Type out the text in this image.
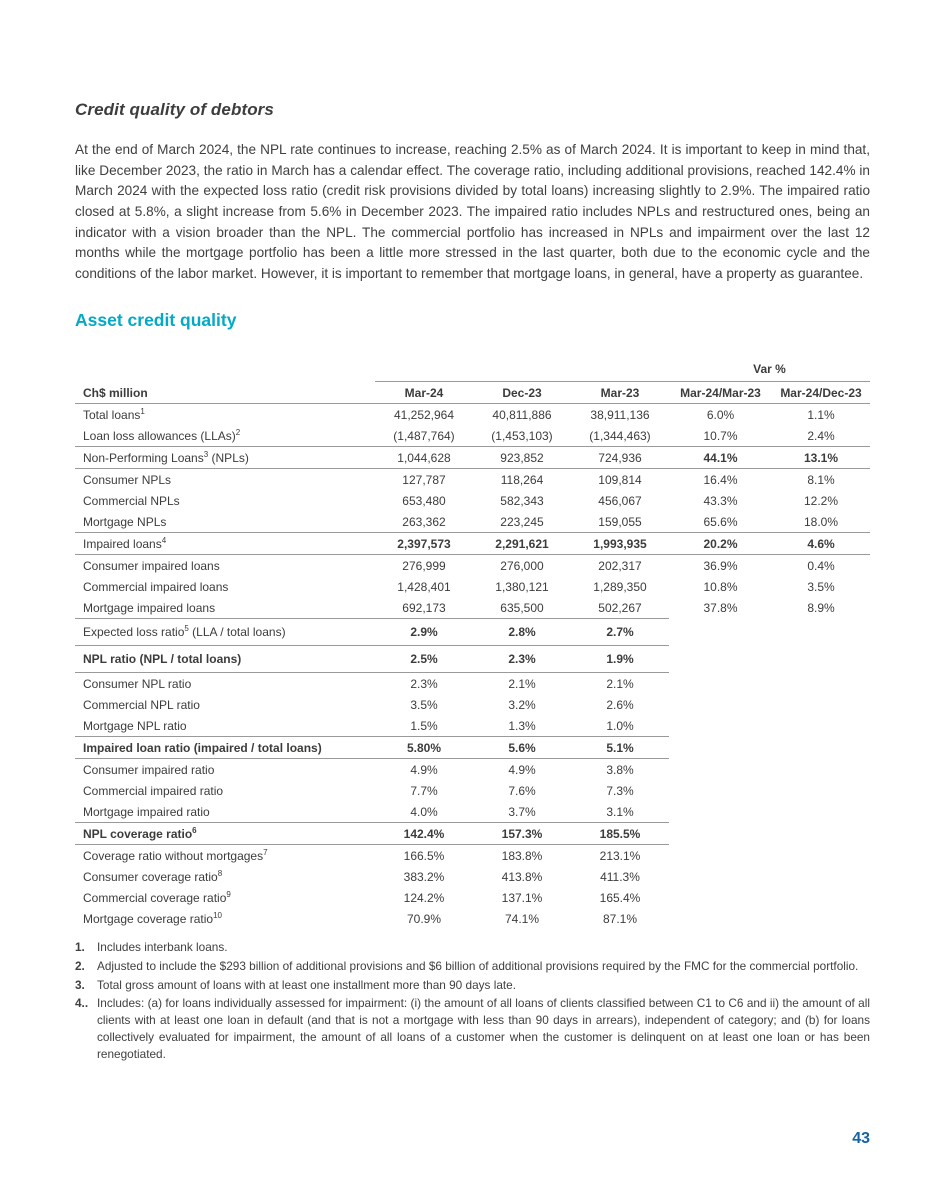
Credit quality of debtors

At the end of March 2024, the NPL rate continues to increase, reaching 2.5% as of March 2024. It is important to keep in mind that, like December 2023, the ratio in March has a calendar effect. The coverage ratio, including additional provisions, reached 142.4% in March 2024 with the expected loss ratio (credit risk provisions divided by total loans) increasing slightly to 2.9%. The impaired ratio closed at 5.8%, a slight increase from 5.6% in December 2023. The impaired ratio includes NPLs and restructured ones, being an indicator with a vision broader than the NPL. The commercial portfolio has increased in NPLs and impairment over the last 12 months while the mortgage portfolio has been a little more stressed in the last quarter, both due to the economic cycle and the conditions of the labor market. However, it is important to remember that mortgage loans, in general, have a property as guarantee.

Asset credit quality
				Var %	
Ch$ million	Mar-24	Dec-23	Mar-23	Mar-24/Mar-23	Mar-24/Dec-23
Total loans$^1$	41,252,964	40,811,886	38,911,136	6.0%	1.1%
Loan loss allowances (LLAs)$^2$	(1,487,764)	(1,453,103)	(1,344,463)	10.7%	2.4%
Non-Performing Loans$^3$ (NPLs)	1,044,628	923,852	724,936	44.1%	13.1%
Consumer NPLs	127,787	118,264	109,814	16.4%	8.1%
Commercial NPLs	653,480	582,343	456,067	43.3%	12.2%
Mortgage NPLs	263,362	223,245	159,055	65.6%	18.0%
Impaired loans$^4$	2,397,573	2,291,621	1,993,935	20.2%	4.6%
Consumer impaired loans	276,999	276,000	202,317	36.9%	0.4%
Commercial impaired loans	1,428,401	1,380,121	1,289,350	10.8%	3.5%
Mortgage impaired loans	692,173	635,500	502,267	37.8%	8.9%
Expected loss ratio$^5$ (LLA / total loans)	2.9%	2.8%	2.7%		
NPL ratio (NPL / total loans)	2.5%	2.3%	1.9%		
Consumer NPL ratio	2.3%	2.1%	2.1%		
Commercial NPL ratio	3.5%	3.2%	2.6%		
Mortgage NPL ratio	1.5%	1.3%	1.0%		
Impaired loan ratio (impaired / total loans)	5.80%	5.6%	5.1%		
Consumer impaired ratio	4.9%	4.9%	3.8%		
Commercial impaired ratio	7.7%	7.6%	7.3%		
Mortgage impaired ratio	4.0%	3.7%	3.1%		
NPL coverage ratio$^6$	142.4%	157.3%	185.5%		
Coverage ratio without mortgages$^7$	166.5%	183.8%	213.1%		
Consumer coverage ratio$^8$	383.2%	413.8%	411.3%		
Commercial coverage ratio$^9$	124.2%	137.1%	165.4%		
Mortgage coverage ratio$^{10}$	70.9%	74.1%	87.1%		
1.	Includes interbank loans.
2.	Adjusted to include the $293 billion of additional provisions and $6 billion of additional provisions required by the FMC for the commercial portfolio.
3.	Total gross amount of loans with at least one installment more than 90 days late.
4.. Includes: (a) for loans individually assessed for impairment: (i) the amount of all loans of clients classified between C1 to C6 and ii) the amount of all clients with at least one loan in default (and that is not a mortgage with less than 90 days in arrears), independent of category; and (b) for loans collectively evaluated for impairment, the amount of all loans of a customer when the customer is delinquent on at least one loan or has been renegotiated.
43
